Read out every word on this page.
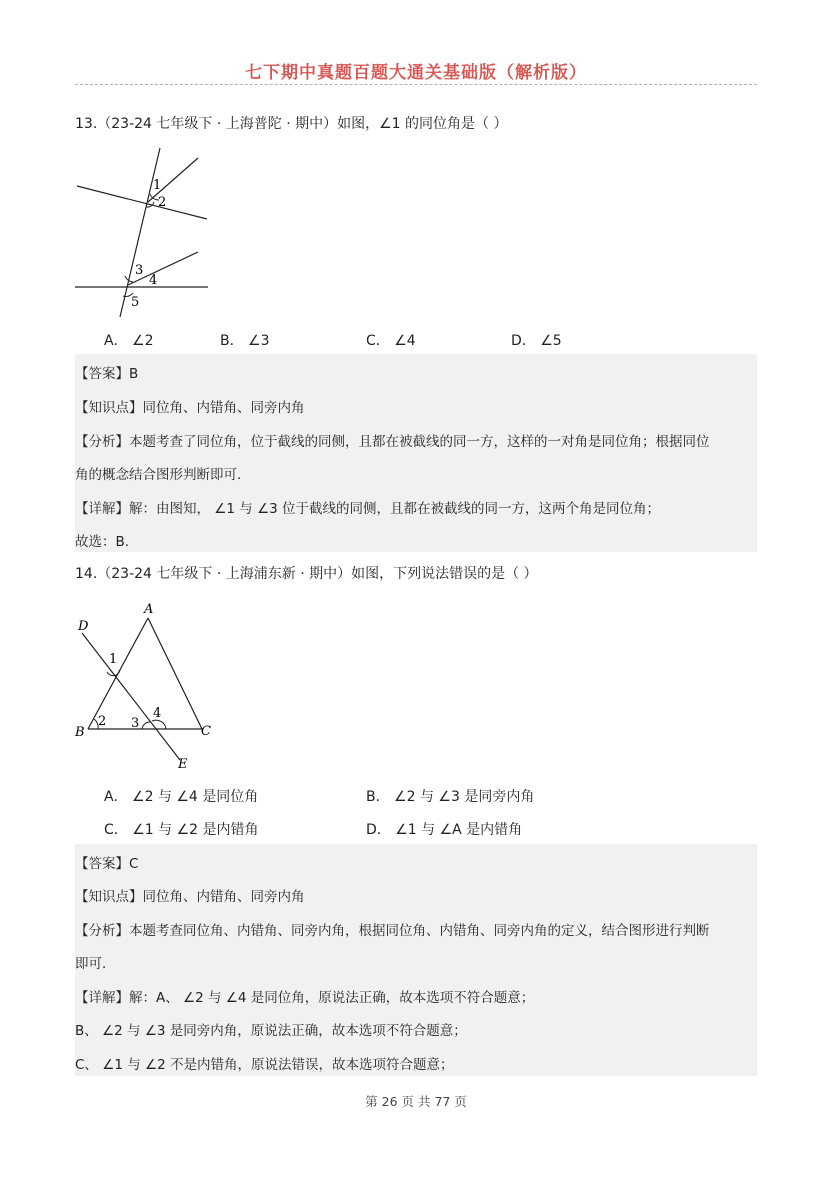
七下期中真题百题大通关基础版（解析版）
13.（23-24 七年级下 · 上海普陀 · 期中）如图，∠1 的同位角是（ ）
1
2
3
4
5
A． ∠2	B． ∠3	C． ∠4	D． ∠5
【答案】B
【知识点】同位角、内错角、同旁内角
【分析】本题考查了同位角，位于截线的同侧，且都在被截线的同一方，这样的一对角是同位角；根据同位
角的概念结合图形判断即可．
【详解】解：由图知， ∠1 与 ∠3 位于截线的同侧，且都在被截线的同一方，这两个角是同位角；
故选：B.
14.（23-24 七年级下 · 上海浦东新 · 期中）如图，下列说法错误的是（ ）
A
D
1
B
2 3
4
C
E
A． ∠2 与 ∠4 是同位角	B． ∠2 与 ∠3 是同旁内角
C． ∠1 与 ∠2 是内错角	D． ∠1 与 ∠A 是内错角
【答案】C
【知识点】同位角、内错角、同旁内角
【分析】本题考查同位角、内错角、同旁内角，根据同位角、内错角、同旁内角的定义，结合图形进行判断
即可．
【详解】解：A、 ∠2 与 ∠4 是同位角，原说法正确，故本选项不符合题意；
B、 ∠2 与 ∠3 是同旁内角，原说法正确，故本选项不符合题意；
C、 ∠1 与 ∠2 不是内错角，原说法错误，故本选项符合题意；
第 26 页 共 77 页
